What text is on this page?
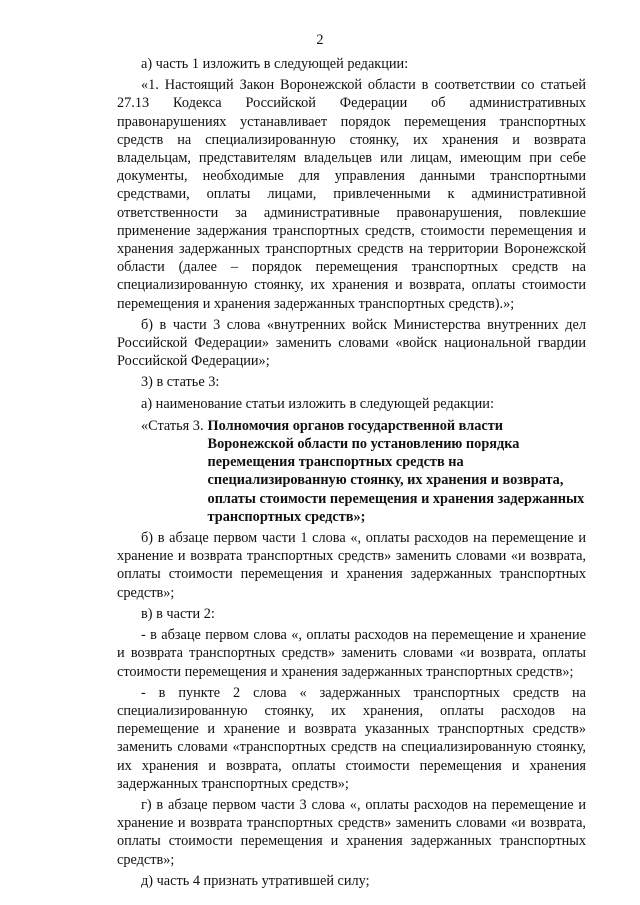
2

а) часть 1 изложить в следующей редакции:

«1. Настоящий Закон Воронежской области в соответствии со статьей 27.13 Кодекса Российской Федерации об административных правонарушениях устанавливает порядок перемещения транспортных средств на специализированную стоянку, их хранения и возврата владельцам, представителям владельцев или лицам, имеющим при себе документы, необходимые для управления данными транспортными средствами, оплаты лицами, привлеченными к административной ответственности за административные правонарушения, повлекшие применение задержания транспортных средств, стоимости перемещения и хранения задержанных транспортных средств на территории Воронежской области (далее – порядок перемещения транспортных средств на специализированную стоянку, их хранения и возврата, оплаты стоимости перемещения и хранения задержанных транспортных средств).»;

б) в части 3 слова «внутренних войск Министерства внутренних дел Российской Федерации» заменить словами «войск национальной гвардии Российской Федерации»;

3) в статье 3:

а) наименование статьи изложить в следующей редакции:

«Статья 3. Полномочия органов государственной власти Воронежской области по установлению порядка перемещения транспортных средств на специализированную стоянку, их хранения и возврата, оплаты стоимости перемещения и хранения задержанных транспортных средств»;

б) в абзаце первом части 1 слова «, оплаты расходов на перемещение и хранение и возврата транспортных средств» заменить словами «и возврата, оплаты стоимости перемещения и хранения задержанных транспортных средств»;

в) в части 2:

- в абзаце первом слова «, оплаты расходов на перемещение и хранение и возврата транспортных средств» заменить словами «и возврата, оплаты стоимости перемещения и хранения задержанных транспортных средств»;

- в пункте 2 слова « задержанных транспортных средств на специализированную стоянку, их хранения, оплаты расходов на перемещение и хранение и возврата указанных транспортных средств» заменить словами «транспортных средств на специализированную стоянку, их хранения и возврата, оплаты стоимости перемещения и хранения задержанных транспортных средств»;

г) в абзаце первом части 3 слова «, оплаты расходов на перемещение и хранение и возврата транспортных средств» заменить словами «и возврата, оплаты стоимости перемещения и хранения задержанных транспортных средств»;

д) часть 4 признать утратившей силу;
